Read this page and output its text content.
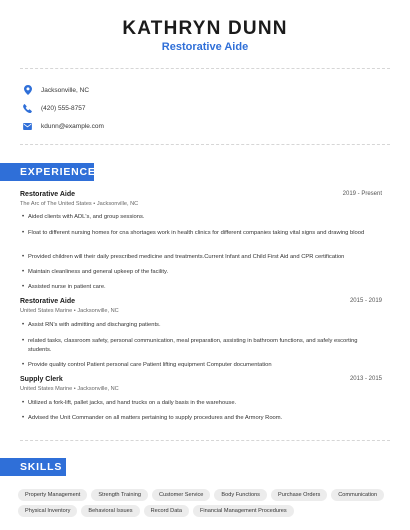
KATHRYN DUNN
Restorative Aide
Jacksonville, NC
(420) 555-8757
kdunn@example.com
EXPERIENCE
Restorative Aide	2019 - Present
The Arc of The United States • Jacksonville, NC
• Aided clients with ADL's, and group sessions.
• Float to different nursing homes for cna shortages work in health clinics for different companies taking vital signs and drawing blood
• Provided children will their daily prescribed medicine and treatments.Current Infant and Child First Aid and CPR certification
• Maintain cleanliness and general upkeep of the facility.
• Assisted nurse in patient care.
Restorative Aide	2015 - 2019
United States Marine • Jacksonville, NC
• Assist RN's with admitting and discharging patients.
• related tasks, classroom safety, personal communication, meal preparation, assisting in bathroom functions, and safely escorting students.
• Provide quality control Patient personal care Patient lifting equipment Computer documentation
Supply Clerk	2013 - 2015
United States Marine • Jacksonville, NC
• Utilized a fork-lift, pallet jacks, and hand trucks on a daily basis in the warehouse.
• Advised the Unit Commander on all matters pertaining to supply procedures and the Armory Room.
SKILLS
Property Management	Strength Training	Customer Service	Body Functions	Purchase Orders	Communication
Physical Inventory	Behavioral Issues	Record Data	Financial Management Procedures
